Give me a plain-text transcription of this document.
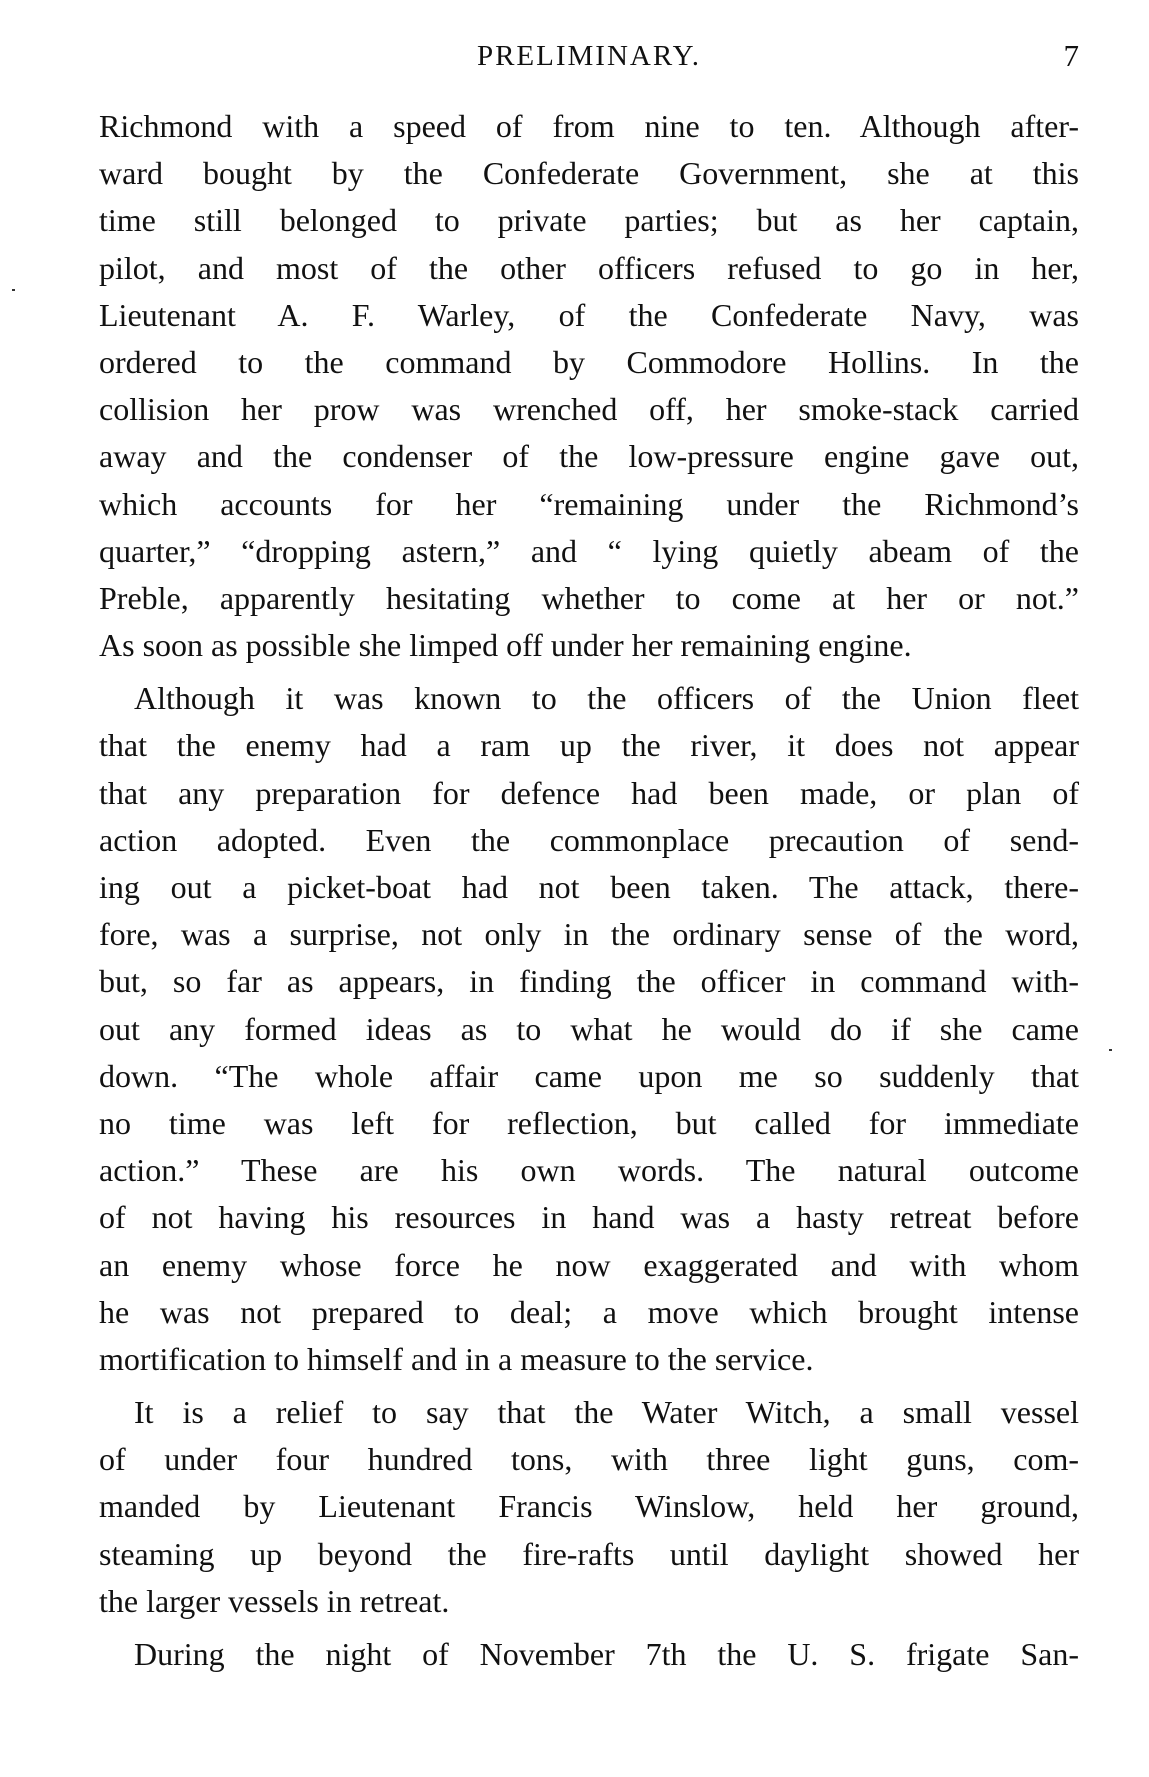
PRELIMINARY.	7
Richmond with a speed of from nine to ten. Although after-
ward bought by the Confederate Government, she at this
time still belonged to private parties; but as her captain,
pilot, and most of the other officers refused to go in her,
Lieutenant A. F. Warley, of the Confederate Navy, was
ordered to the command by Commodore Hollins. In the
collision her prow was wrenched off, her smoke-stack carried
away and the condenser of the low-pressure engine gave out,
which accounts for her “remaining under the Richmond’s
quarter,” “dropping astern,” and “ lying quietly abeam of the
Preble, apparently hesitating whether to come at her or not.”
As soon as possible she limped off under her remaining engine.
Although it was known to the officers of the Union fleet
that the enemy had a ram up the river, it does not appear
that any preparation for defence had been made, or plan of
action adopted. Even the commonplace precaution of send-
ing out a picket-boat had not been taken. The attack, there-
fore, was a surprise, not only in the ordinary sense of the word,
but, so far as appears, in finding the officer in command with-
out any formed ideas as to what he would do if she came
down. “The whole affair came upon me so suddenly that
no time was left for reflection, but called for immediate
action.” These are his own words. The natural outcome
of not having his resources in hand was a hasty retreat before
an enemy whose force he now exaggerated and with whom
he was not prepared to deal; a move which brought intense
mortification to himself and in a measure to the service.
It is a relief to say that the Water Witch, a small vessel
of under four hundred tons, with three light guns, com-
manded by Lieutenant Francis Winslow, held her ground,
steaming up beyond the fire-rafts until daylight showed her
the larger vessels in retreat.
During the night of November 7th the U. S. frigate San-
